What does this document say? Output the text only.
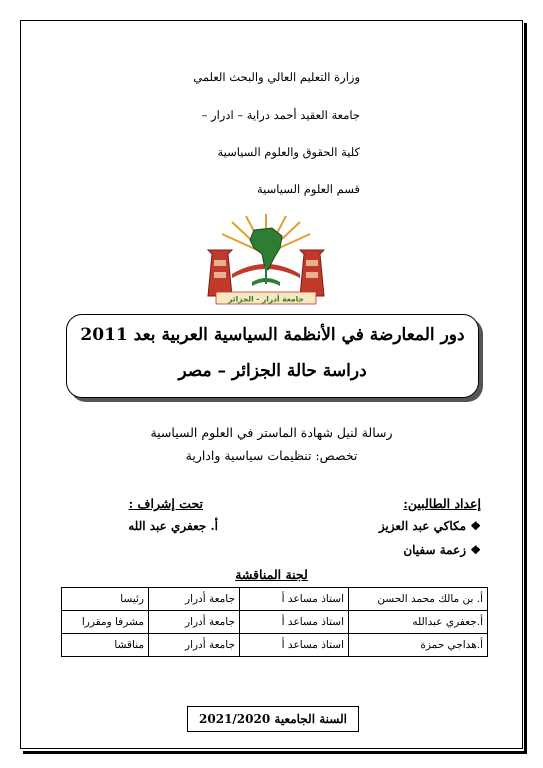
وزارة التعليم العالي والبحث العلمي
جامعة العقيد أحمد دراية – ادرار –
كلية الحقوق والعلوم السياسية
قسم العلوم السياسية
جامعة أدرار - الجزائر
دور المعارضة في الأنظمة السياسية العربية بعد 2011
دراسة حالة الجزائر – مصر
رسالة لنيل شهادة الماستر في العلوم السياسية
تخصص: تنظيمات سياسية وادارية
إعداد الطالبين:
❖ مكاكي عبد العزيز
❖ زعمة سفيان
تحت إشراف :
أ. جعفري عبد الله
لجنة المناقشة
أ. بن مالك محمد الحسن	استاذ مساعد أ	جامعة أدرار	رئيسا
أ.جعفري عبدالله	استاذ مساعد أ	جامعة أدرار	مشرفا ومقررا
أ.هداجي حمزة	استاذ مساعد أ	جامعة أدرار	مناقشا
السنة الجامعية 2021/2020
